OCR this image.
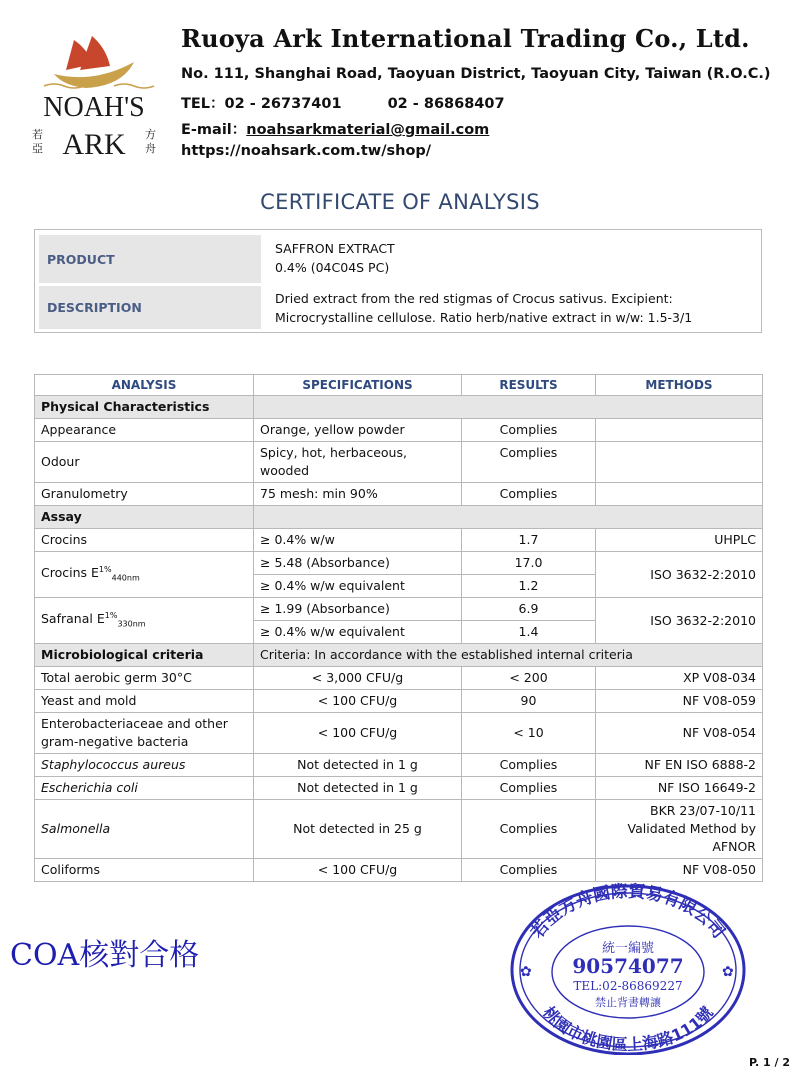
NOAH'S
若
亞 ARK 方
舟
Ruoya Ark International Trading Co., Ltd.
No. 111, Shanghai Road, Taoyuan District, Taoyuan City, Taiwan (R.O.C.)
TEL：02 - 26737401	02 - 86868407
E-mail：noahsarkmaterial@gmail.com
https://noahsark.com.tw/shop/
CERTIFICATE OF ANALYSIS
PRODUCT
SAFFRON EXTRACT
0.4% (04C04S PC)
DESCRIPTION
Dried extract from the red stigmas of Crocus sativus. Excipient:
Microcrystalline cellulose. Ratio herb/native extract in w/w: 1.5-3/1
ANALYSIS	SPECIFICATIONS	RESULTS	METHODS
Physical Characteristics			
Appearance	Orange, yellow powder	Complies	
Odour	Spicy, hot, herbaceous, wooded	Complies	
Granulometry	75 mesh: min 90%	Complies	
Assay			
Crocins	≥ 0.4% w/w	1.7	UHPLC
Crocins $E^{1\%}_{440nm}$	≥ 5.48 (Absorbance)	17.0	ISO 3632-2:2010
	≥ 0.4% w/w equivalent	1.2	
Safranal $E^{1\%}_{330nm}$	≥ 1.99 (Absorbance)	6.9	ISO 3632-2:2010
	≥ 0.4% w/w equivalent	1.4	
Microbiological criteria	Criteria: In accordance with the established internal criteria		
Total aerobic germ 30°C	< 3,000 CFU/g	< 200	XP V08-034
Yeast and mold	< 100 CFU/g	90	NF V08-059

Enterobacteriaceae and other
gram-negative bacteria	< 100 CFU/g	< 10	NF V08-054
Staphylococcus aureus	Not detected in 1 g	Complies	NF EN ISO 6888-2
Escherichia coli	Not detected in 1 g	Complies	NF ISO 16649-2
Salmonella	Not detected in 25 g	Complies	BKR 23/07-10/11
Validated Method by
AFNOR

Coliforms	< 100 CFU/g	Complies	NF V08-050
COA核對合格
若亞方舟國際貿易有限公司
桃園市桃園區上海路111號
統一編號
90574077
TEL:02-86869227
禁止背書轉讓
✿	✿
P. 1 / 2
